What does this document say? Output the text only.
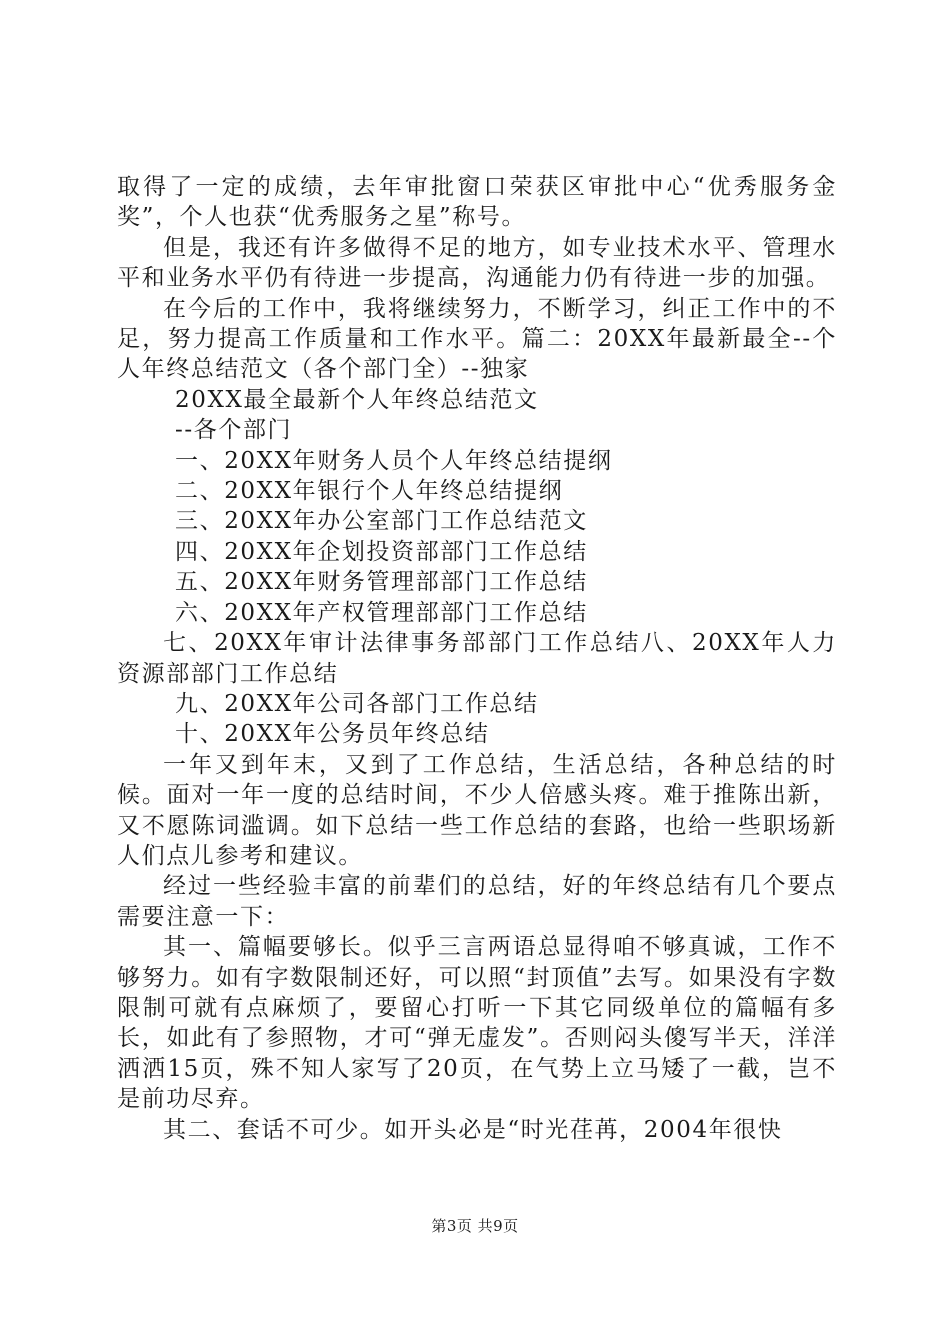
取得了一定的成绩，去年审批窗口荣获区审批中心“优秀服务金奖”，个人也获“优秀服务之星”称号。

但是，我还有许多做得不足的地方，如专业技术水平、管理水平和业务水平仍有待进一步提高，沟通能力仍有待进一步的加强。

在今后的工作中，我将继续努力，不断学习，纠正工作中的不足，努力提高工作质量和工作水平。篇二：20XX年最新最全--个人年终总结范文（各个部门全）--独家

20XX最全最新个人年终总结范文

--各个部门

一、20XX年财务人员个人年终总结提纲

二、20XX年银行个人年终总结提纲

三、20XX年办公室部门工作总结范文

四、20XX年企划投资部部门工作总结

五、20XX年财务管理部部门工作总结

六、20XX年产权管理部部门工作总结

七、20XX年审计法律事务部部门工作总结八、20XX年人力资源部部门工作总结

九、20XX年公司各部门工作总结

十、20XX年公务员年终总结

一年又到年末，又到了工作总结，生活总结，各种总结的时候。面对一年一度的总结时间，不少人倍感头疼。难于推陈出新，又不愿陈词滥调。如下总结一些工作总结的套路，也给一些职场新人们点儿参考和建议。

经过一些经验丰富的前辈们的总结，好的年终总结有几个要点需要注意一下：

其一、篇幅要够长。似乎三言两语总显得咱不够真诚，工作不够努力。如有字数限制还好，可以照“封顶值”去写。如果没有字数限制可就有点麻烦了，要留心打听一下其它同级单位的篇幅有多长，如此有了参照物，才可“弹无虚发”。否则闷头傻写半天，洋洋洒洒15页，殊不知人家写了20页，在气势上立马矮了一截，岂不是前功尽弃。

其二、套话不可少。如开头必是“时光荏苒，2004年很快

第3页 共9页
